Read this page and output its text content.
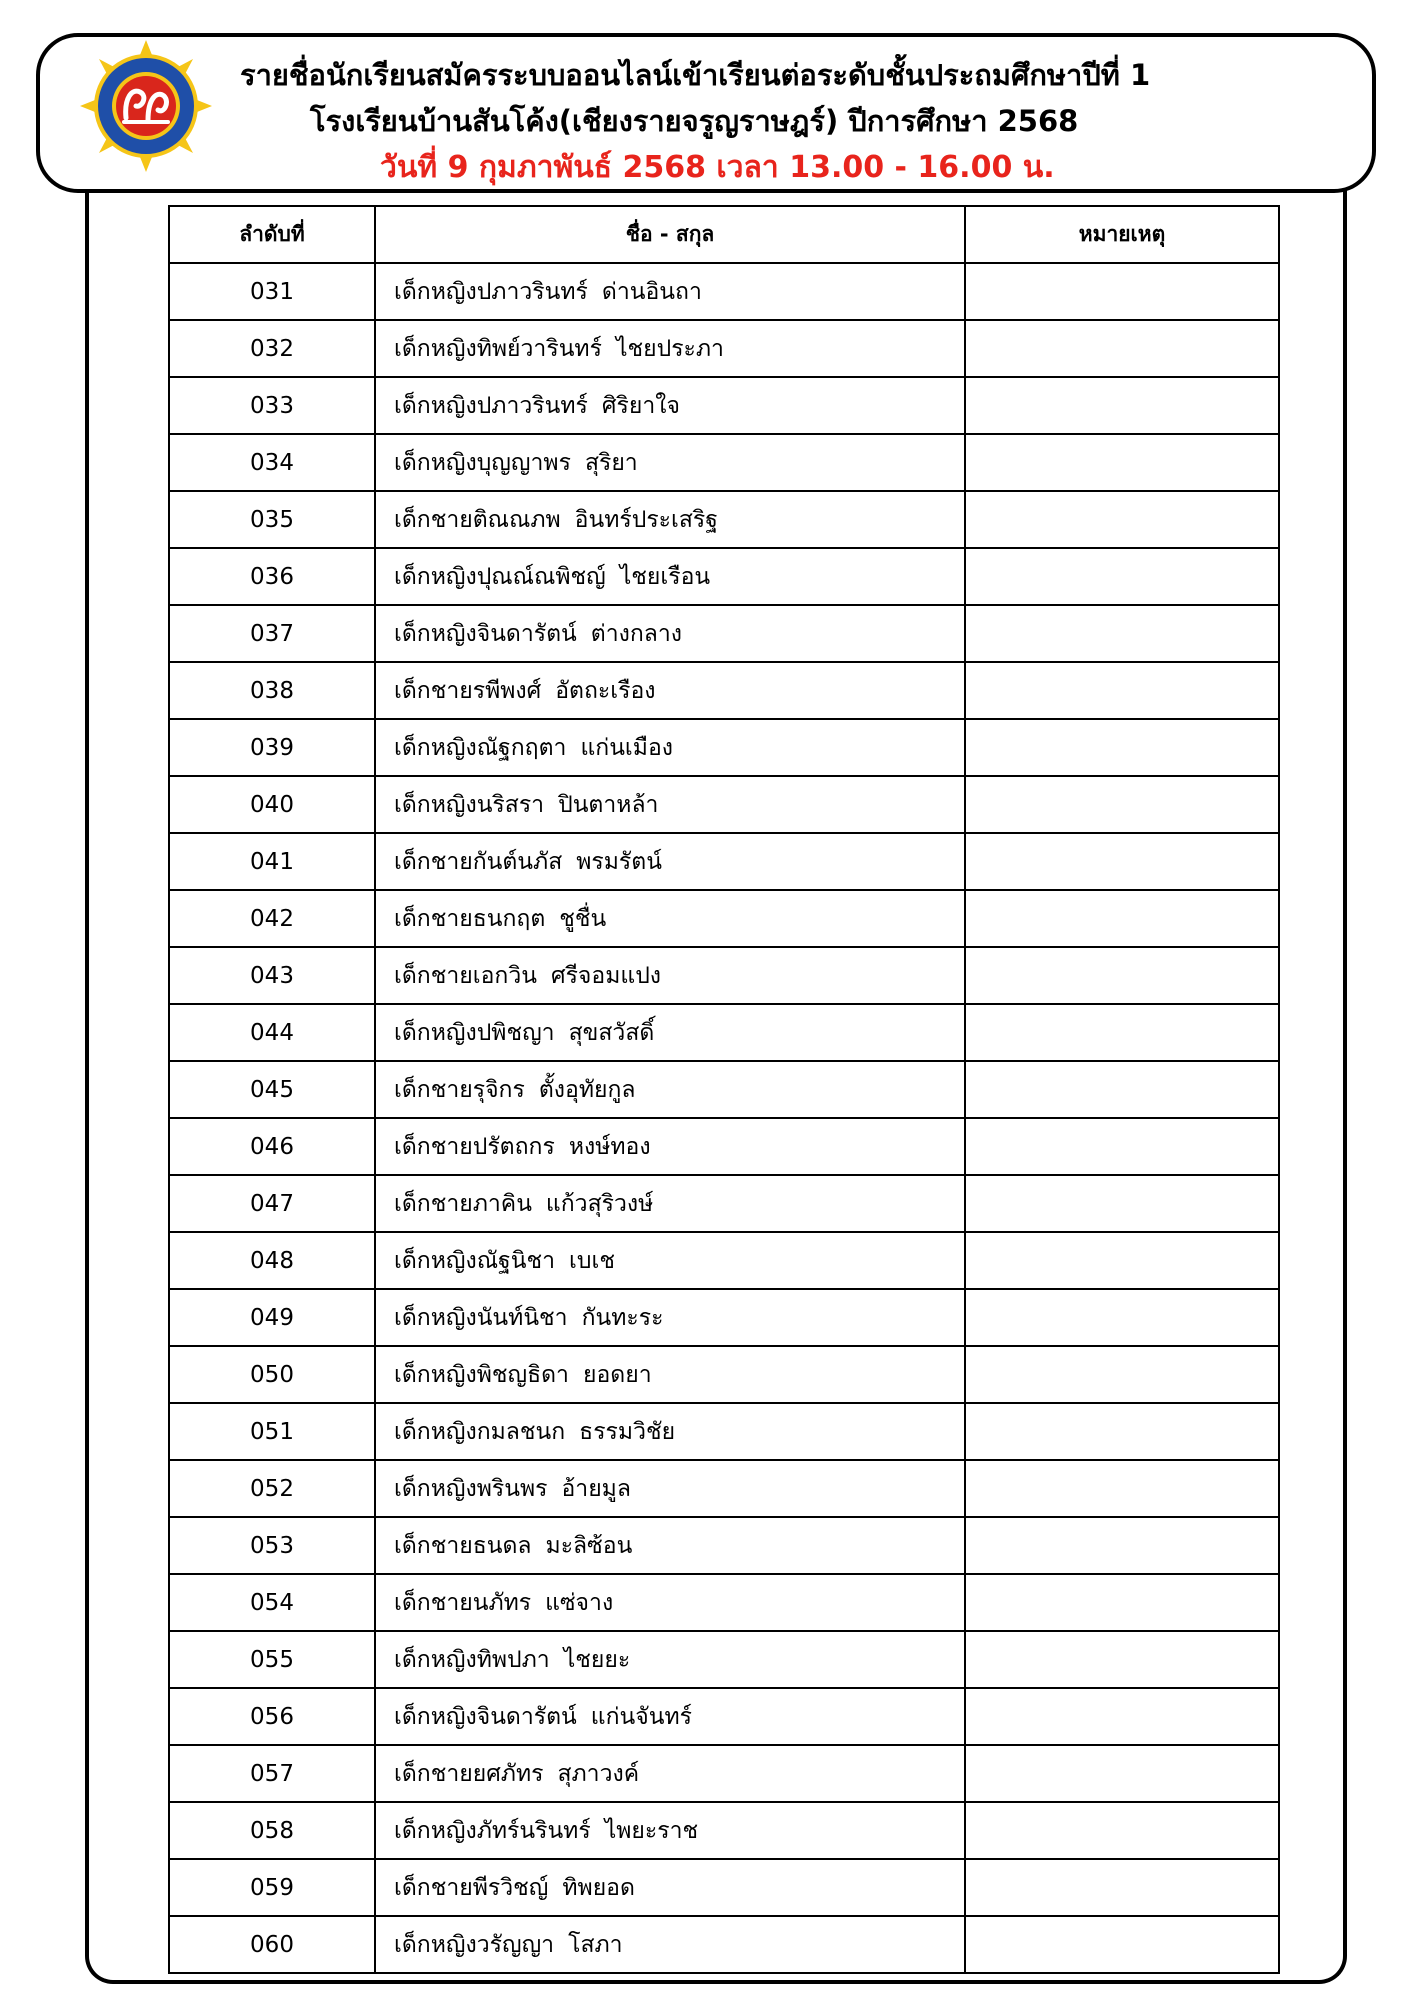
รายชื่อนักเรียนสมัครระบบออนไลน์เข้าเรียนต่อระดับชั้นประถมศึกษาปีที่ 1
โรงเรียนบ้านสันโค้ง(เชียงรายจรูญราษฎร์) ปีการศึกษา 2568
วันที่ 9 กุมภาพันธ์ 2568 เวลา 13.00 - 16.00 น.
ลำดับที่	ชื่อ - สกุล	หมายเหตุ
031	เด็กหญิงปภาวรินทร์ ด่านอินถา	
032	เด็กหญิงทิพย์วารินทร์ ไชยประภา	
033	เด็กหญิงปภาวรินทร์ ศิริยาใจ	
034	เด็กหญิงบุญญาพร สุริยา	
035	เด็กชายติณณภพ อินทร์ประเสริฐ	
036	เด็กหญิงปุณณ์ณพิชญ์ ไชยเรือน	
037	เด็กหญิงจินดารัตน์ ต่างกลาง	
038	เด็กชายรพีพงศ์ อัตถะเรือง	
039	เด็กหญิงณัฐกฤตา แก่นเมือง	
040	เด็กหญิงนริสรา ปินตาหล้า	
041	เด็กชายกันต์นภัส พรมรัตน์	
042	เด็กชายธนกฤต ชูชื่น	
043	เด็กชายเอกวิน ศรีจอมแปง	
044	เด็กหญิงปพิชญา สุขสวัสดิ์	
045	เด็กชายรุจิกร ตั้งอุทัยกูล	
046	เด็กชายปรัตถกร หงษ์ทอง	
047	เด็กชายภาคิน แก้วสุริวงษ์	
048	เด็กหญิงณัฐนิชา เบเช	
049	เด็กหญิงนันท์นิชา กันทะระ	
050	เด็กหญิงพิชญธิดา ยอดยา	
051	เด็กหญิงกมลชนก ธรรมวิชัย	
052	เด็กหญิงพรินพร อ้ายมูล	
053	เด็กชายธนดล มะลิซ้อน	
054	เด็กชายนภัทร แซ่จาง	
055	เด็กหญิงทิพปภา ไชยยะ	
056	เด็กหญิงจินดารัตน์ แก่นจันทร์	
057	เด็กชายยศภัทร สุภาวงค์	
058	เด็กหญิงภัทร์นรินทร์ ไพยะราช	
059	เด็กชายพีรวิชญ์ ทิพยอด	
060	เด็กหญิงวรัญญา โสภา	
